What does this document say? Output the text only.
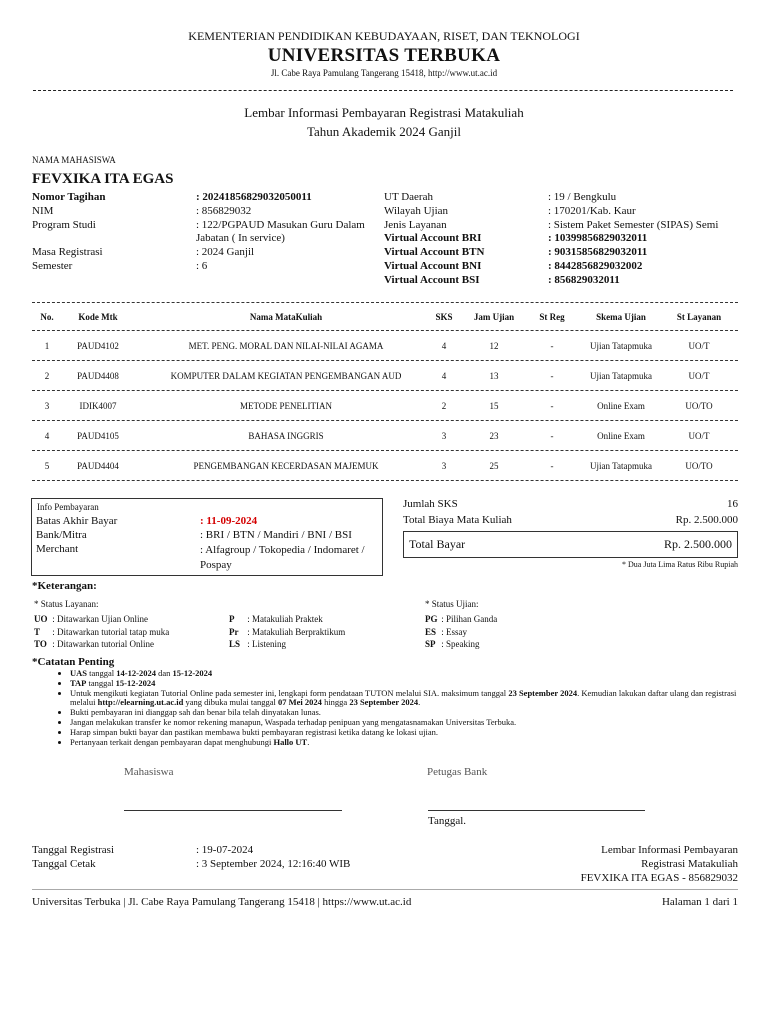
KEMENTERIAN PENDIDIKAN KEBUDAYAAN, RISET, DAN TEKNOLOGI
UNIVERSITAS TERBUKA
Jl. Cabe Raya Pamulang Tangerang 15418, http://www.ut.ac.id
Lembar Informasi Pembayaran Registrasi Matakuliah
Tahun Akademik 2024 Ganjil
NAMA MAHASISWA
FEVXIKA ITA EGAS
Nomor Tagihan	: 20241856829032050011
NIM	: 856829032
Program Studi	: 122/PGPAUD Masukan Guru Dalam Jabatan ( In service)
Masa Registrasi	: 2024 Ganjil
Semester	: 6
UT Daerah	: 19 / Bengkulu
Wilayah Ujian	: 170201/Kab. Kaur
Jenis Layanan	: Sistem Paket Semester (SIPAS) Semi
Virtual Account BRI	: 10399856829032011
Virtual Account BTN	: 90315856829032011
Virtual Account BNI	: 8442856829032002
Virtual Account BSI	: 856829032011
No.	Kode Mtk	Nama MataKuliah	SKS	Jam Ujian	St Reg	Skema Ujian	St Layanan
1	PAUD4102	MET. PENG. MORAL DAN NILAI-NILAI AGAMA	4	12	-	Ujian Tatapmuka	UO/T
2	PAUD4408	KOMPUTER DALAM KEGIATAN PENGEMBANGAN AUD	4	13	-	Ujian Tatapmuka	UO/T
3	IDIK4007	METODE PENELITIAN	2	15	-	Online Exam	UO/TO
4	PAUD4105	BAHASA INGGRIS	3	23	-	Online Exam	UO/T
5	PAUD4404	PENGEMBANGAN KECERDASAN MAJEMUK	3	25	-	Ujian Tatapmuka	UO/TO
Info Pembayaran
Batas Akhir Bayar	: 11-09-2024
Bank/Mitra	: BRI / BTN / Mandiri / BNI / BSI
Merchant	: Alfagroup / Tokopedia / Indomaret / Pospay
Jumlah SKS	16
Total Biaya Mata Kuliah	Rp. 2.500.000
Total Bayar	Rp. 2.500.000
* Dua Juta Lima Ratus Ribu Rupiah
*Keterangan:
* Status Layanan:
UO : Ditawarkan Ujian Online
T : Ditawarkan tutorial tatap muka
TO : Ditawarkan tutorial Online
P : Matakuliah Praktek
Pr : Matakuliah Berpraktikum
LS : Listening
* Status Ujian:
PG : Pilihan Ganda
ES : Essay
SP : Speaking
*Catatan Penting
• UAS tanggal 14-12-2024 dan 15-12-2024
• TAP tanggal 15-12-2024
• Untuk mengikuti kegiatan Tutorial Online pada semester ini, lengkapi form pendataan TUTON melalui SIA. maksimum tanggal 23 September 2024. Kemudian lakukan daftar ulang dan registrasi melalui http://elearning.ut.ac.id yang dibuka mulai tanggal 07 Mei 2024 hingga 23 September 2024.
• Bukti pembayaran ini dianggap sah dan benar bila telah dinyatakan lunas.
• Jangan melakukan transfer ke nomor rekening manapun, Waspada terhadap penipuan yang mengatasnamakan Universitas Terbuka.
• Harap simpan bukti bayar dan pastikan membawa bukti pembayaran registrasi ketika datang ke lokasi ujian.
• Pertanyaan terkait dengan pembayaran dapat menghubungi Hallo UT.
Mahasiswa	Petugas Bank
Tanggal.
Tanggal Registrasi	: 19-07-2024
Tanggal Cetak	: 3 September 2024, 12:16:40 WIB
Lembar Informasi Pembayaran
Registrasi Matakuliah
FEVXIKA ITA EGAS - 856829032
Universitas Terbuka | Jl. Cabe Raya Pamulang Tangerang 15418 | https://www.ut.ac.id	Halaman 1 dari 1
